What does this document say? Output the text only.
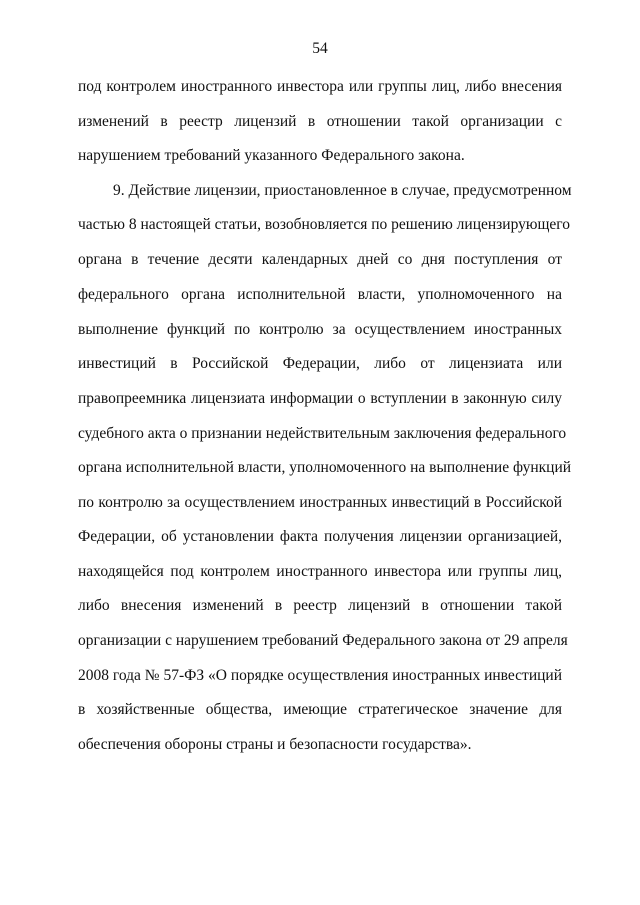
54
под контролем иностранного инвестора или группы лиц, либо внесения
изменений в реестр лицензий в отношении такой организации с
нарушением требований указанного Федерального закона.
9. Действие лицензии, приостановленное в случае, предусмотренном
частью 8 настоящей статьи, возобновляется по решению лицензирующего
органа в течение десяти календарных дней со дня поступления от
федерального органа исполнительной власти, уполномоченного на
выполнение функций по контролю за осуществлением иностранных
инвестиций в Российской Федерации, либо от лицензиата или
правопреемника лицензиата информации о вступлении в законную силу
судебного акта о признании недействительным заключения федерального
органа исполнительной власти, уполномоченного на выполнение функций
по контролю за осуществлением иностранных инвестиций в Российской
Федерации, об установлении факта получения лицензии организацией,
находящейся под контролем иностранного инвестора или группы лиц,
либо внесения изменений в реестр лицензий в отношении такой
организации с нарушением требований Федерального закона от 29 апреля
2008 года № 57-ФЗ «О порядке осуществления иностранных инвестиций
в хозяйственные общества, имеющие стратегическое значение для
обеспечения обороны страны и безопасности государства».
